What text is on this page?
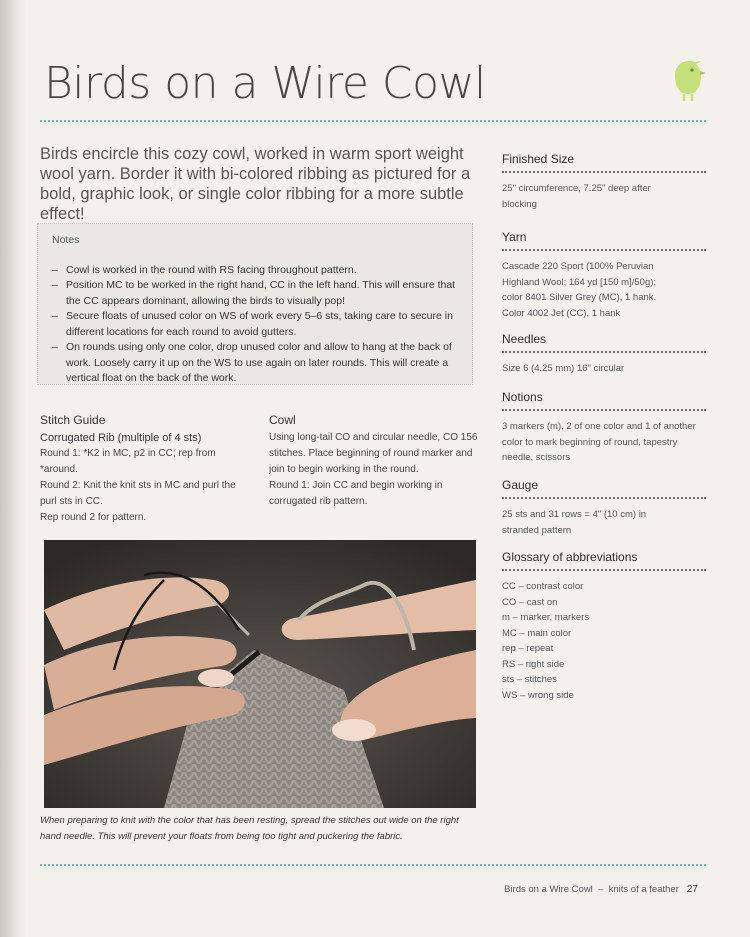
Birds on a Wire Cowl

Birds encircle this cozy cowl, worked in warm sport weight wool yarn. Border it with bi-colored ribbing as pictured for a bold, graphic look, or single color ribbing for a more subtle effect!

Notes
– Cowl is worked in the round with RS facing throughout pattern.
– Position MC to be worked in the right hand, CC in the left hand. This will ensure that the CC appears dominant, allowing the birds to visually pop!
– Secure floats of unused color on WS of work every 5–6 sts, taking care to secure in different locations for each round to avoid gutters.
– On rounds using only one color, drop unused color and allow to hang at the back of work. Loosely carry it up on the WS to use again on later rounds. This will create a vertical float on the back of the work.
Stitch Guide
Corrugated Rib (multiple of 4 sts)
Round 1: *K2 in MC, p2 in CC; rep from *around.
Round 2: Knit the knit sts in MC and purl the purl sts in CC.
Rep round 2 for pattern.
Cowl
Using long-tail CO and circular needle, CO 156 stitches. Place beginning of round marker and join to begin working in the round.
Round 1: Join CC and begin working in corrugated rib pattern.
When preparing to knit with the color that has been resting, spread the stitches out wide on the right hand needle. This will prevent your floats from being too tight and puckering the fabric.
Finished Size
25" circumference, 7.25" deep after blocking
Yarn
Cascade 220 Sport (100% Peruvian Highland Wool; 164 yd [150 m]/50g); color 8401 Silver Grey (MC), 1 hank. Color 4002 Jet (CC), 1 hank
Needles
Size 6 (4.25 mm) 16" circular
Notions
3 markers (m), 2 of one color and 1 of another color to mark beginning of round, tapestry needle, scissors
Gauge
25 sts and 31 rows = 4" (10 cm) in stranded pattern
Glossary of abbreviations
CC – contrast color
CO – cast on
m – marker, markers
MC – main color
rep – repeat
RS – right side
sts – stitches
WS – wrong side
Birds on a Wire Cowl  –  knits of a feather 27
